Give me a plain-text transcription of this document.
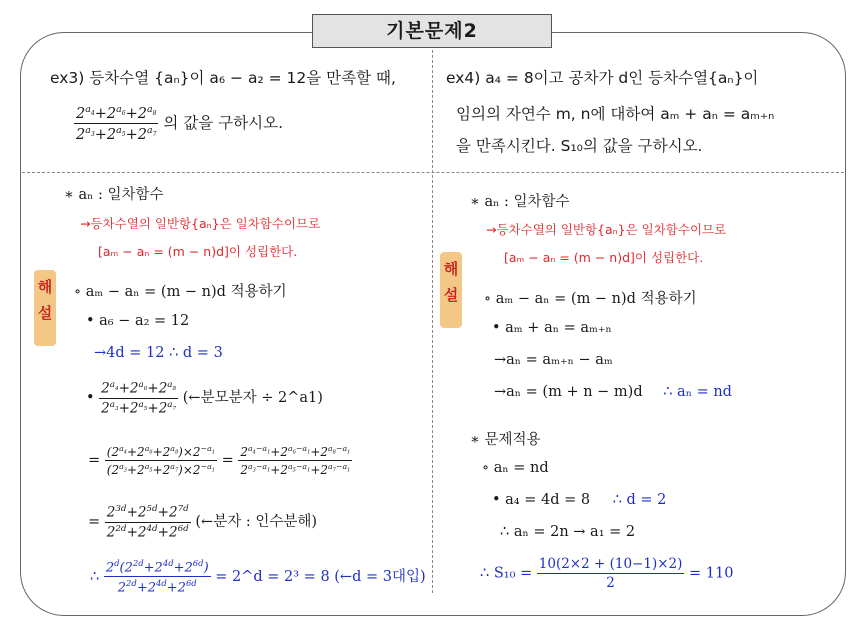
기본문제2
ex3) 등차수열 {aₙ}이 a₆ − a₂ = 12을 만족할 때,
$\frac{2^{a_4}+2^{a_6}+2^{a_8}}{2^{a_3}+2^{a_5}+2^{a_7}}$ 의 값을 구하시오.
ex4) a₄ = 8이고 공차가 d인 등차수열{aₙ}이
임의의 자연수 m, n에 대하여 aₘ + aₙ = aₘ₊ₙ
을 만족시킨다. S₁₀의 값을 구하시오.
해
설
해
설
∗ aₙ : 일차함수
→등차수열의 일반항{aₙ}은 일차함수이므로
[aₘ − aₙ = (m − n)d]이 성립한다.
∘ aₘ − aₙ = (m − n)d 적용하기
• a₆ − a₂ = 12
→4d = 12 ∴ d = 3
• $\frac{2^{a_4}+2^{a_6}+2^{a_8}}{2^{a_3}+2^{a_5}+2^{a_7}}$ (←분모분자 ÷ 2^a1)
= $\frac{(2^{a_4}+2^{a_6}+2^{a_8})\times 2^{-a_1}}{(2^{a_3}+2^{a_5}+2^{a_7})\times 2^{-a_1}} = \frac{2^{a_4-a_1}+2^{a_6-a_1}+2^{a_8-a_1}}{2^{a_3-a_1}+2^{a_5-a_1}+2^{a_7-a_1}}$
= $\frac{2^{3d}+2^{5d}+2^{7d}}{2^{2d}+2^{4d}+2^{6d}}$ (←분자 : 인수분해)
∴ $\frac{2^d(2^{2d}+2^{4d}+2^{6d})}{2^{2d}+2^{4d}+2^{6d}}$ = 2^d = 2³ = 8 (←d = 3대입)
∗ aₙ : 일차함수
→등차수열의 일반항{aₙ}은 일차함수이므로
[aₘ − aₙ = (m − n)d]이 성립한다.
∘ aₘ − aₙ = (m − n)d 적용하기
• aₘ + aₙ = aₘ₊ₙ
→aₙ = aₘ₊ₙ − aₘ
→aₙ = (m + n − m)d ∴ aₙ = nd
∗ 문제적용
∘ aₙ = nd
• a₄ = 4d = 8 ∴ d = 2
∴ aₙ = 2n → a₁ = 2
∴ $S_{10} = \frac{10(2\times 2 + (10-1)\times 2)}{2} = 110$
